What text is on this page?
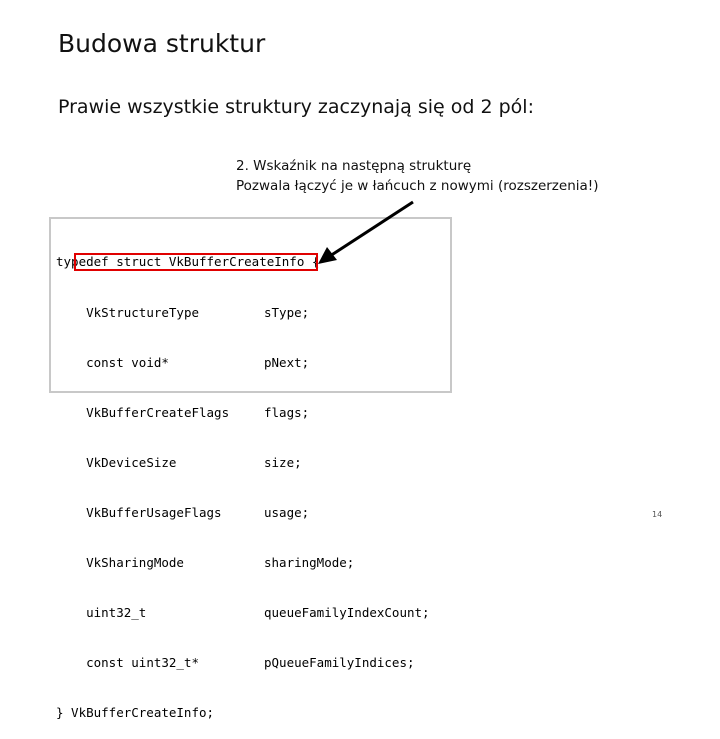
Budowa struktur
Prawie wszystkie struktury zaczynają się od 2 pól:
2. Wskaźnik na następną strukturę
Pozwala łączyć je w łańcuch z nowymi (rozszerzenia!)

typedef struct VkBufferCreateInfo {

VkStructureType	sType;

const void*	pNext;

VkBufferCreateFlags	flags;

VkDeviceSize	size;

VkBufferUsageFlags	usage;

VkSharingMode	sharingMode;

uint32_t	queueFamilyIndexCount;

const uint32_t*	pQueueFamilyIndices;

} VkBufferCreateInfo;

14
